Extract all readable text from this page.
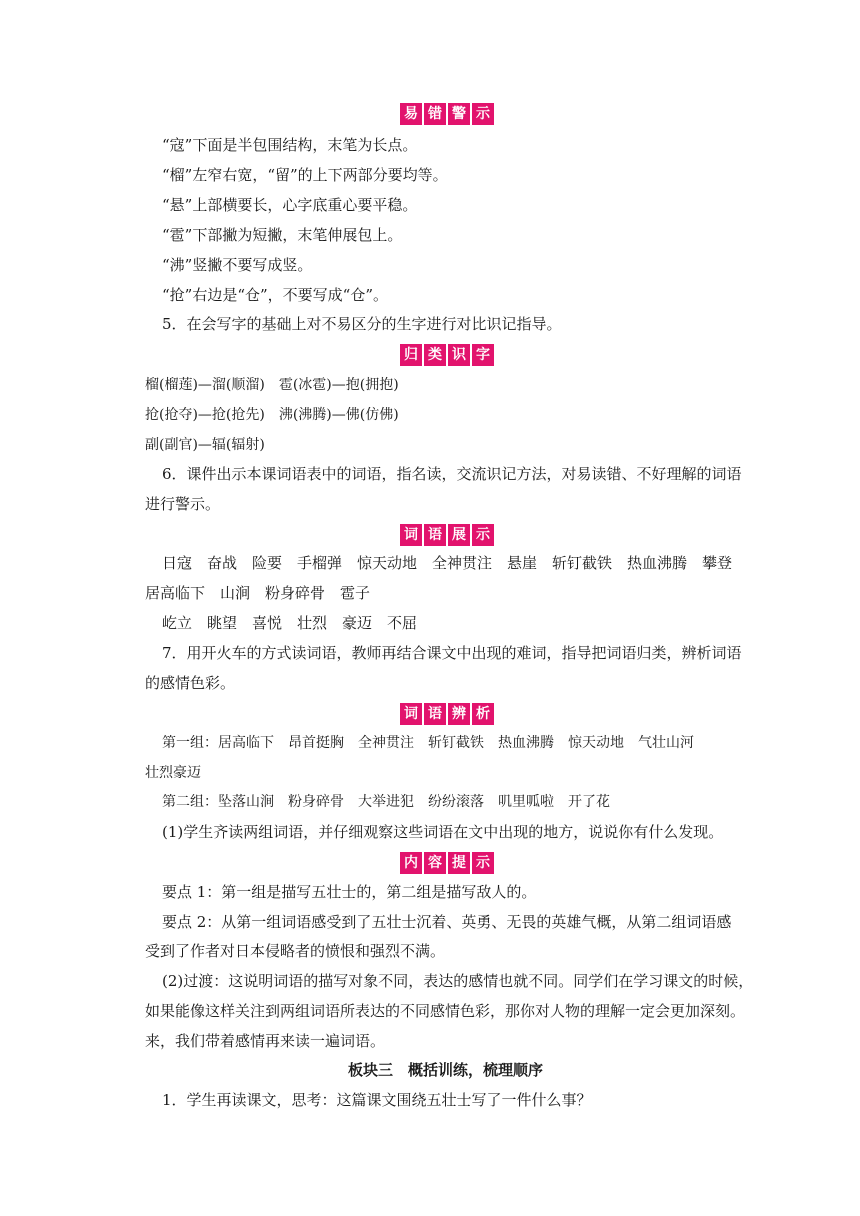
易 错 警 示
“寇”下面是半包围结构，末笔为长点。
“榴”左窄右宽，“留”的上下两部分要均等。
“悬”上部横要长，心字底重心要平稳。
“雹”下部撇为短撇，末笔伸展包上。
“沸”竖撇不要写成竖。
“抢”右边是“仓”，不要写成“仓”。
5．在会写字的基础上对不易区分的生字进行对比识记指导。
归 类 识 字
榴(榴莲)—溜(顺溜)　雹(冰雹)—抱(拥抱)
抢(抢夺)—抢(抢先)　沸(沸腾)—佛(仿佛)
副(副官)—辐(辐射)
6．课件出示本课词语表中的词语，指名读，交流识记方法，对易读错、不好理解的词语
进行警示。
词 语 展 示
日寇　奋战　险要　手榴弹　惊天动地　全神贯注　悬崖　斩钉截铁　热血沸腾　攀登
居高临下　山涧　粉身碎骨　雹子
屹立　眺望　喜悦　壮烈　豪迈　不屈
7．用开火车的方式读词语，教师再结合课文中出现的难词，指导把词语归类，辨析词语
的感情色彩。
词 语 辨 析
第一组：居高临下　昂首挺胸　全神贯注　斩钉截铁　热血沸腾　惊天动地　气壮山河
壮烈豪迈
第二组：坠落山涧　粉身碎骨　大举进犯　纷纷滚落　叽里呱啦　开了花
(1)学生齐读两组词语，并仔细观察这些词语在文中出现的地方，说说你有什么发现。
内 容 提 示
要点 1：第一组是描写五壮士的，第二组是描写敌人的。
要点 2：从第一组词语感受到了五壮士沉着、英勇、无畏的英雄气概，从第二组词语感
受到了作者对日本侵略者的愤恨和强烈不满。
(2)过渡：这说明词语的描写对象不同，表达的感情也就不同。同学们在学习课文的时候，
如果能像这样关注到两组词语所表达的不同感情色彩，那你对人物的理解一定会更加深刻。
来，我们带着感情再来读一遍词语。
板块三　概括训练，梳理顺序
1．学生再读课文，思考：这篇课文围绕五壮士写了一件什么事？
